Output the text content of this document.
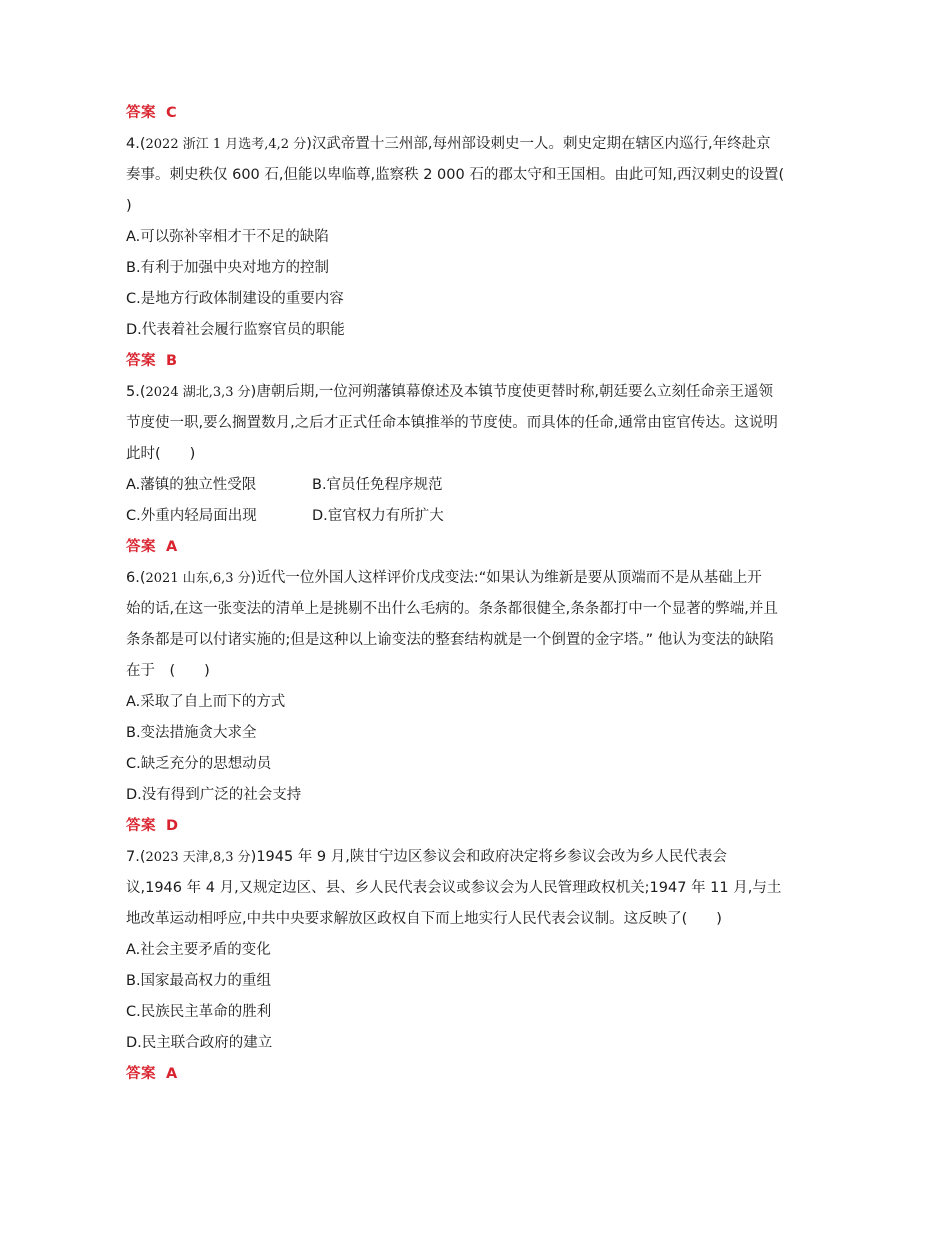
答案 C
4.(2022 浙江 1 月选考,4,2 分)汉武帝置十三州部,每州部设刺史一人。刺史定期在辖区内巡行,年终赴京
奏事。刺史秩仅 600 石,但能以卑临尊,监察秩 2 000 石的郡太守和王国相。由此可知,西汉刺史的设置(
)
A.可以弥补宰相才干不足的缺陷
B.有利于加强中央对地方的控制
C.是地方行政体制建设的重要内容
D.代表着社会履行监察官员的职能
答案 B
5.(2024 湖北,3,3 分)唐朝后期,一位河朔藩镇幕僚述及本镇节度使更替时称,朝廷要么立刻任命亲王遥领
节度使一职,要么搁置数月,之后才正式任命本镇推举的节度使。而具体的任命,通常由宦官传达。这说明
此时(　　)
A.藩镇的独立性受限	B.官员任免程序规范
C.外重内轻局面出现	D.宦官权力有所扩大
答案 A
6.(2021 山东,6,3 分)近代一位外国人这样评价戊戌变法:“如果认为维新是要从顶端而不是从基础上开
始的话,在这一张变法的清单上是挑剔不出什么毛病的。条条都很健全,条条都打中一个显著的弊端,并且
条条都是可以付诸实施的;但是这种以上谕变法的整套结构就是一个倒置的金字塔。” 他认为变法的缺陷
在于　(　　)
A.采取了自上而下的方式
B.变法措施贪大求全
C.缺乏充分的思想动员
D.没有得到广泛的社会支持
答案 D
7.(2023 天津,8,3 分)1945 年 9 月,陕甘宁边区参议会和政府决定将乡参议会改为乡人民代表会
议,1946 年 4 月,又规定边区、县、乡人民代表会议或参议会为人民管理政权机关;1947 年 11 月,与土
地改革运动相呼应,中共中央要求解放区政权自下而上地实行人民代表会议制。这反映了(　　)
A.社会主要矛盾的变化
B.国家最高权力的重组
C.民族民主革命的胜利
D.民主联合政府的建立
答案 A
